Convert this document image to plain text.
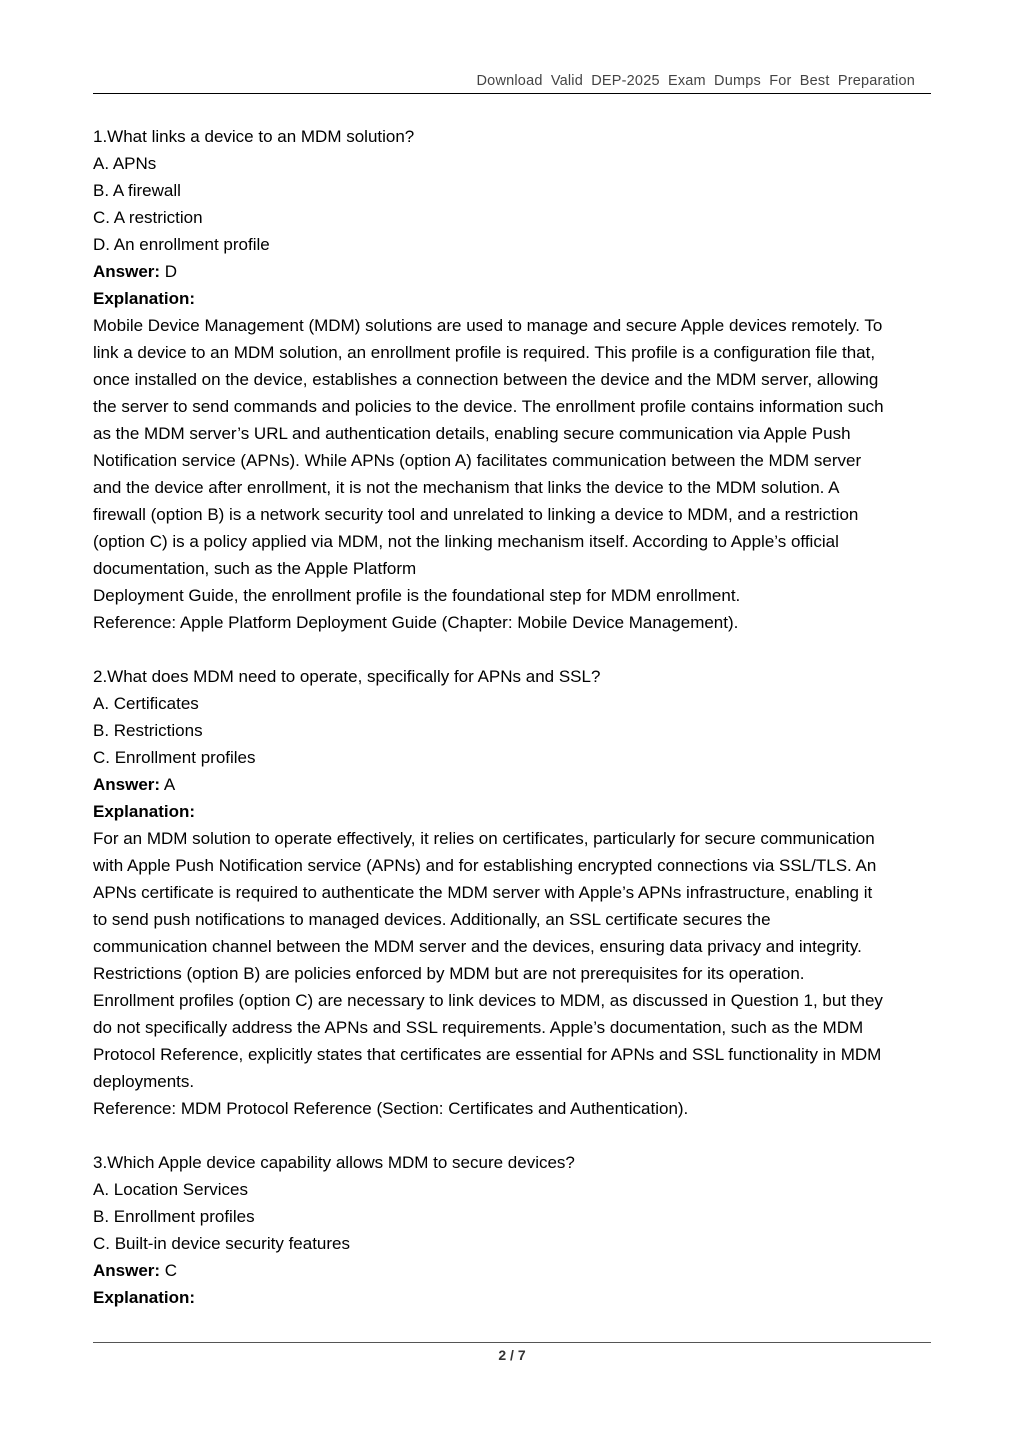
Download Valid DEP-2025 Exam Dumps For Best Preparation
1.What links a device to an MDM solution?
A. APNs
B. A firewall
C. A restriction
D. An enrollment profile
Answer: D
Explanation:
Mobile Device Management (MDM) solutions are used to manage and secure Apple devices remotely. To
link a device to an MDM solution, an enrollment profile is required. This profile is a configuration file that,
once installed on the device, establishes a connection between the device and the MDM server, allowing
the server to send commands and policies to the device. The enrollment profile contains information such
as the MDM server’s URL and authentication details, enabling secure communication via Apple Push
Notification service (APNs). While APNs (option A) facilitates communication between the MDM server
and the device after enrollment, it is not the mechanism that links the device to the MDM solution. A
firewall (option B) is a network security tool and unrelated to linking a device to MDM, and a restriction
(option C) is a policy applied via MDM, not the linking mechanism itself. According to Apple’s official
documentation, such as the Apple Platform
Deployment Guide, the enrollment profile is the foundational step for MDM enrollment.
Reference: Apple Platform Deployment Guide (Chapter: Mobile Device Management).
2.What does MDM need to operate, specifically for APNs and SSL?
A. Certificates
B. Restrictions
C. Enrollment profiles
Answer: A
Explanation:
For an MDM solution to operate effectively, it relies on certificates, particularly for secure communication
with Apple Push Notification service (APNs) and for establishing encrypted connections via SSL/TLS. An
APNs certificate is required to authenticate the MDM server with Apple’s APNs infrastructure, enabling it
to send push notifications to managed devices. Additionally, an SSL certificate secures the
communication channel between the MDM server and the devices, ensuring data privacy and integrity.
Restrictions (option B) are policies enforced by MDM but are not prerequisites for its operation.
Enrollment profiles (option C) are necessary to link devices to MDM, as discussed in Question 1, but they
do not specifically address the APNs and SSL requirements. Apple’s documentation, such as the MDM
Protocol Reference, explicitly states that certificates are essential for APNs and SSL functionality in MDM
deployments.
Reference: MDM Protocol Reference (Section: Certificates and Authentication).
3.Which Apple device capability allows MDM to secure devices?
A. Location Services
B. Enrollment profiles
C. Built-in device security features
Answer: C
Explanation:
2 / 7
